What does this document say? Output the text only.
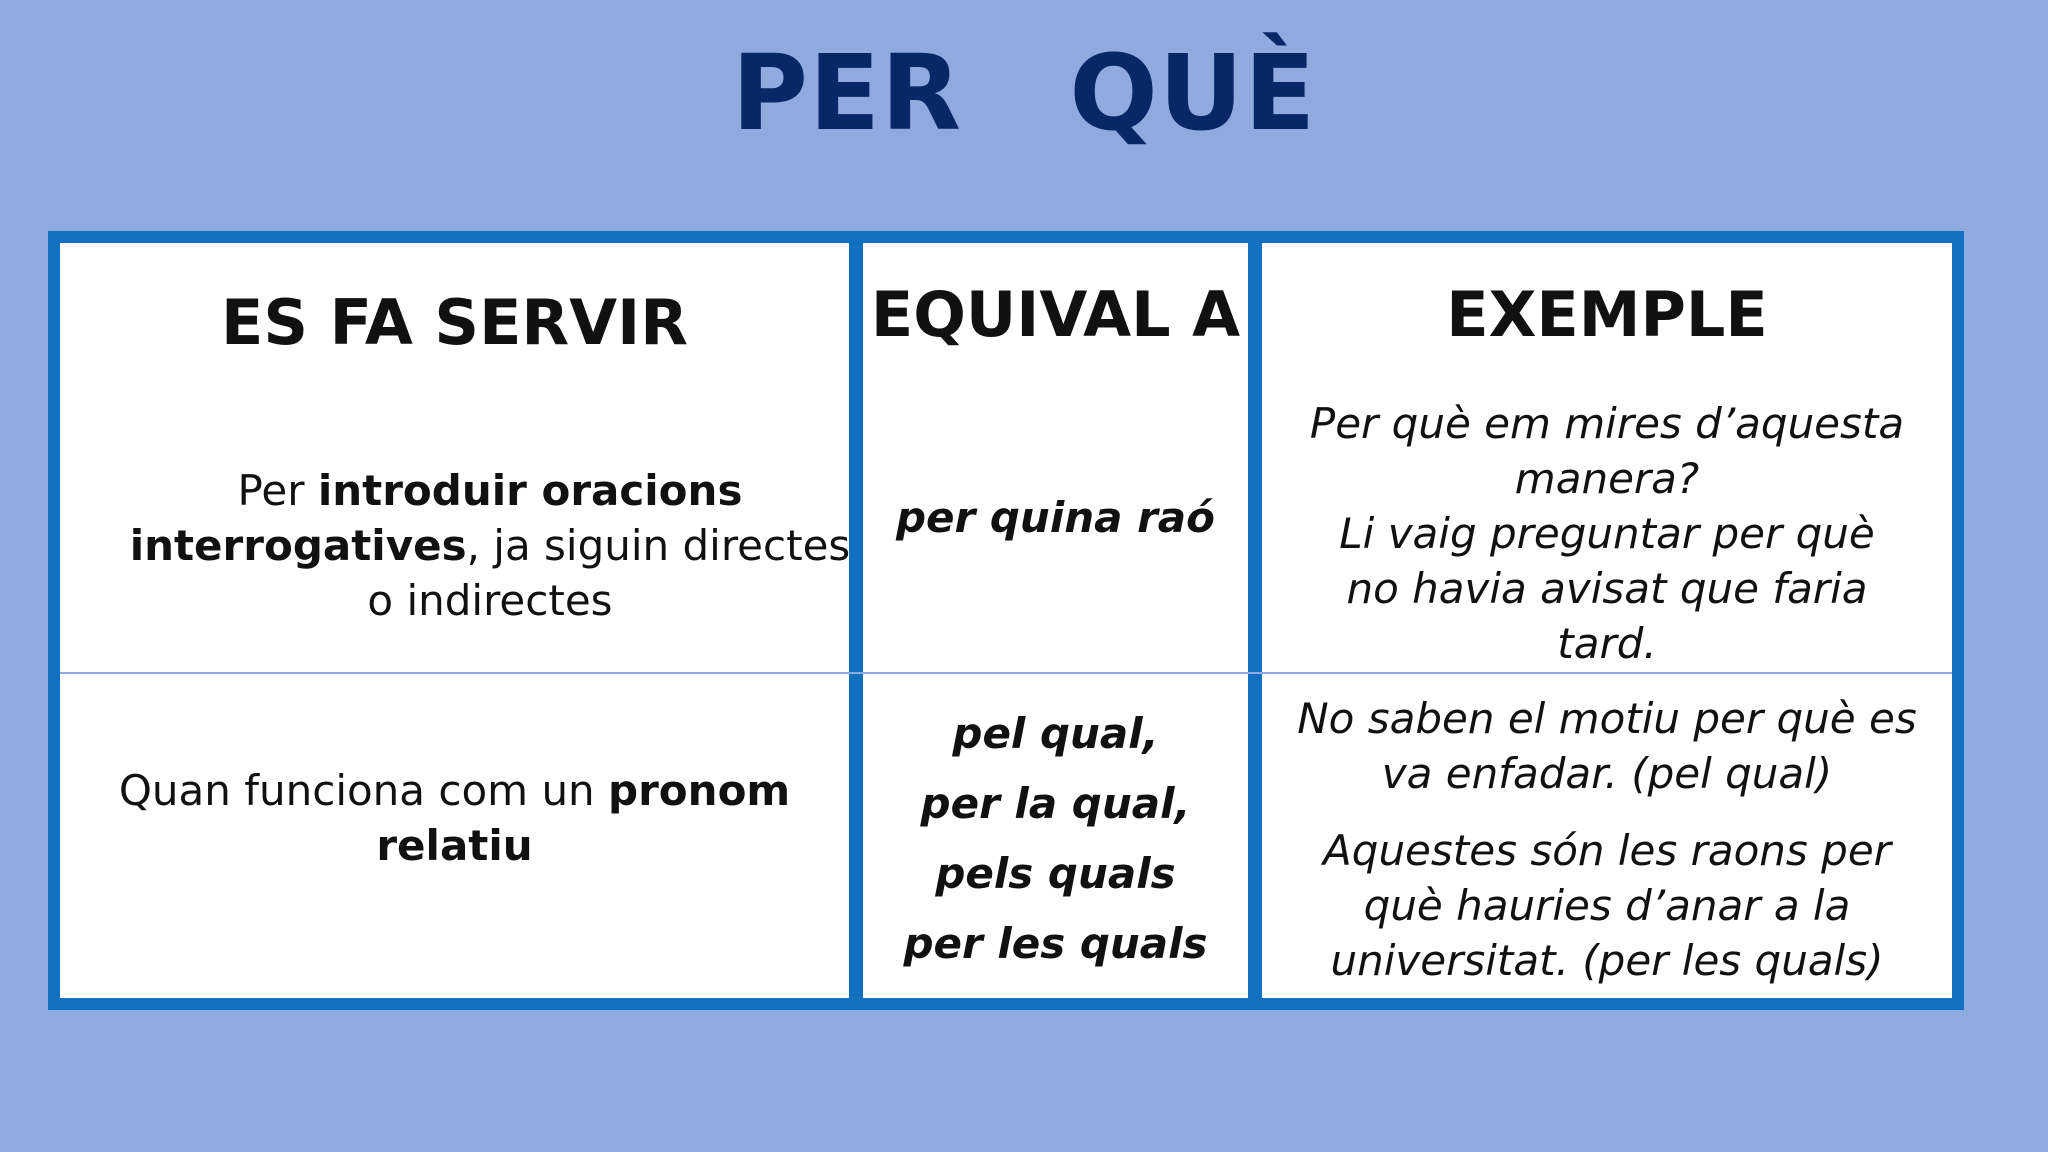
PER QUÈ
ES FA SERVIR	EQUIVAL A	EXEMPLE
Per introduir oracions interrogatives, ja siguin directes o indirectes
per quina raó
Per què em mires d’aquesta manera?
Li vaig preguntar per què no havia avisat que faria tard.
Quan funciona com un pronom relatiu
pel qual,
per la qual,
pels quals
per les quals
No saben el motiu per què es va enfadar. (pel qual)
Aquestes són les raons per què hauries d’anar a la universitat. (per les quals)
